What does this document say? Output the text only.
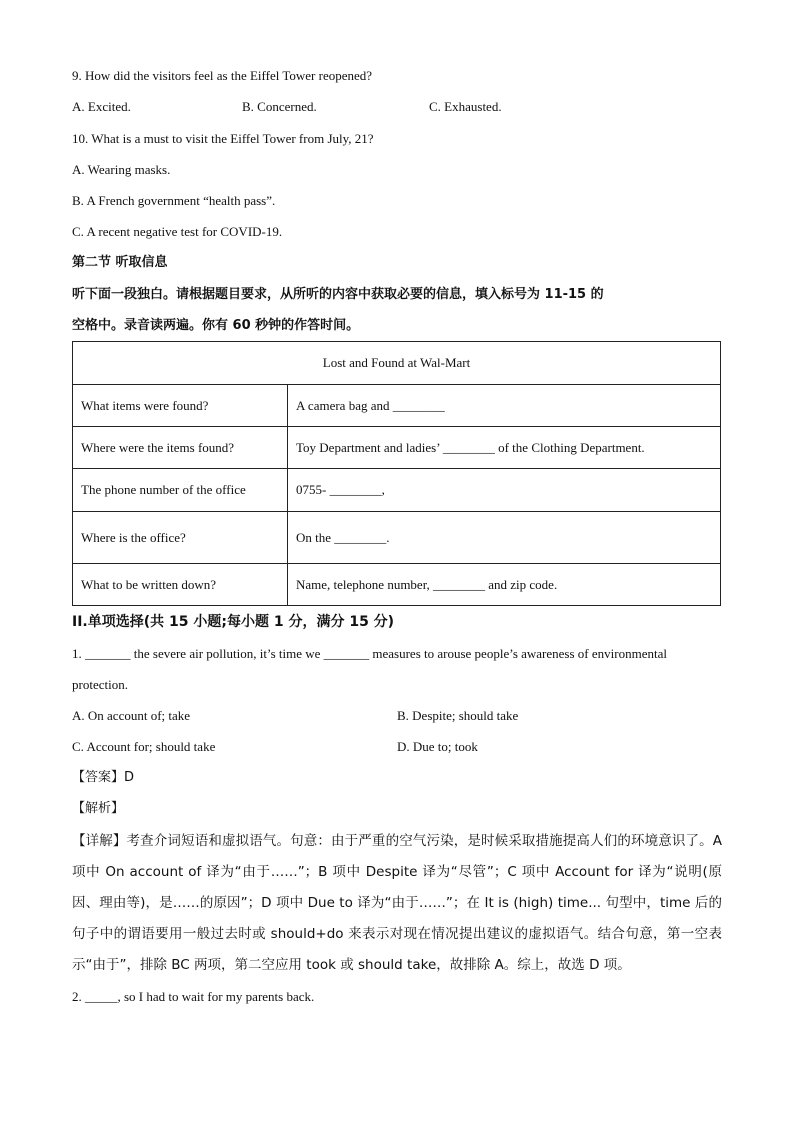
9. How did the visitors feel as the Eiffel Tower reopened?
A. Excited.	B. Concerned.	C. Exhausted.
10. What is a must to visit the Eiffel Tower from July, 21?
A. Wearing masks.
B. A French government “health pass”.
C. A recent negative test for COVID-19.
第二节 听取信息
听下面一段独白。请根据题目要求，从所听的内容中获取必要的信息，填入标号为 11-15 的
空格中。录音读两遍。你有 60 秒钟的作答时间。
Lost and Found at Wal-Mart	
What items were found?	A camera bag and ________
Where were the items found?	Toy Department and ladies’ ________ of the Clothing Department.
The phone number of the office	0755- ________,
Where is the office?	On the ________.
What to be written down?	Name, telephone number, ________ and zip code.
II.单项选择(共 15 小题;每小题 1 分，满分 15 分)
1. _______ the severe air pollution, it’s time we _______ measures to arouse people’s awareness of environmental
protection.
A. On account of; take	B. Despite; should take
C. Account for; should take	D. Due to; took
【答案】D
【解析】
【详解】考查介词短语和虚拟语气。句意：由于严重的空气污染，是时候采取措施提高人们的环境意识了。A 项中 On account of 译为“由于……”；B 项中 Despite 译为“尽管”；C 项中 Account for 译为“说明(原因、理由等)，是……的原因”；D 项中 Due to 译为“由于……”；在 It is (high) time... 句型中，time 后的句子中的谓语要用一般过去时或 should+do 来表示对现在情况提出建议的虚拟语气。结合句意，第一空表示“由于”，排除 BC 两项，第二空应用 took 或 should take，故排除 A。综上，故选 D 项。
2. _____, so I had to wait for my parents back.
